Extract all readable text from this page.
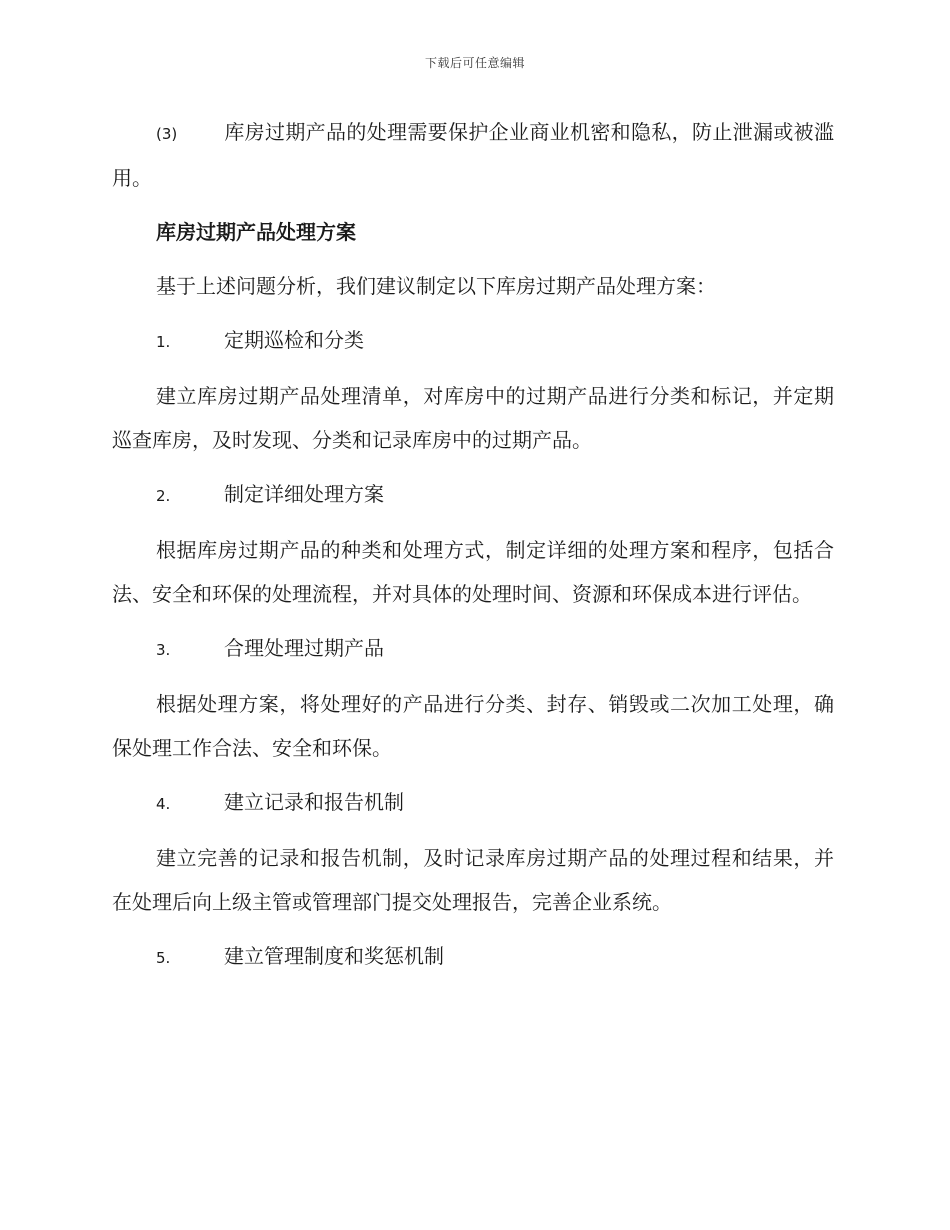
下载后可任意编辑

(3) 库房过期产品的处理需要保护企业商业机密和隐私，防止泄漏或被滥用。

库房过期产品处理方案

基于上述问题分析，我们建议制定以下库房过期产品处理方案：

1.	定期巡检和分类

建立库房过期产品处理清单，对库房中的过期产品进行分类和标记，并定期巡查库房，及时发现、分类和记录库房中的过期产品。

2.	制定详细处理方案

根据库房过期产品的种类和处理方式，制定详细的处理方案和程序，包括合法、安全和环保的处理流程，并对具体的处理时间、资源和环保成本进行评估。

3.	合理处理过期产品

根据处理方案，将处理好的产品进行分类、封存、销毁或二次加工处理，确保处理工作合法、安全和环保。

4.	建立记录和报告机制

建立完善的记录和报告机制，及时记录库房过期产品的处理过程和结果，并在处理后向上级主管或管理部门提交处理报告，完善企业系统。

5.	建立管理制度和奖惩机制
